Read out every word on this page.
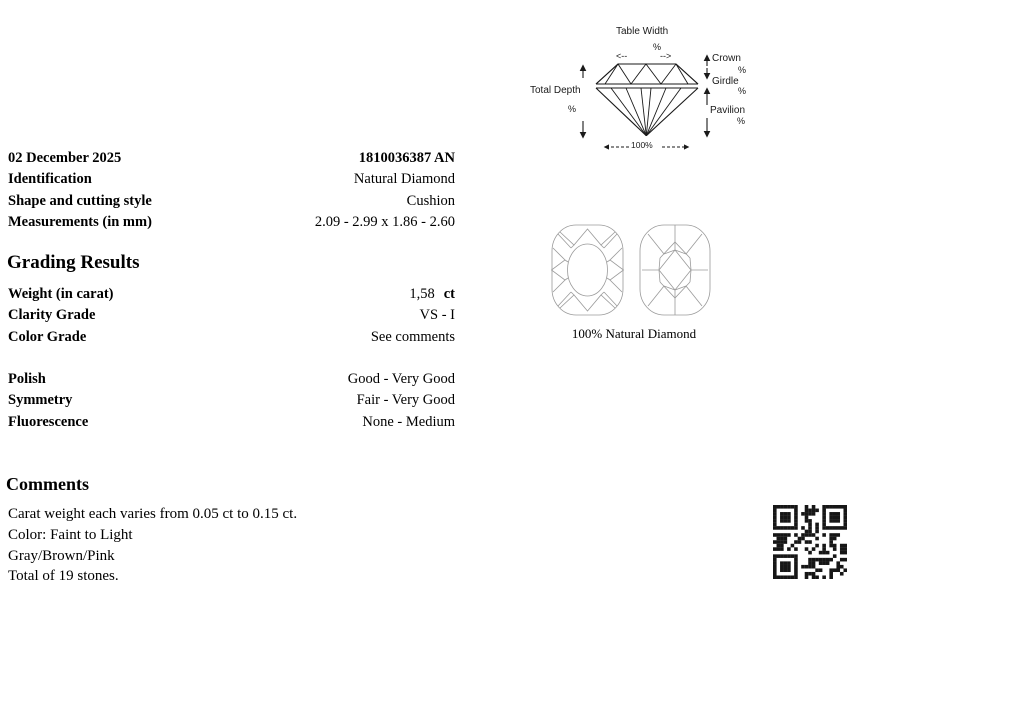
Table Width
%
<--	-->
Total Depth
%
Crown
%
Girdle
%
Pavilion
%
100%
02 December 2025	1810036387 AN
Identification	Natural Diamond
Shape and cutting style	Cushion
Measurements (in mm)	2.09 - 2.99 x 1.86 - 2.60
Grading Results
Weight (in carat)	1,58 ct
Clarity Grade	VS - I
Color Grade	See comments
Polish	Good - Very Good
Symmetry	Fair - Very Good
Fluorescence	None - Medium
Comments
Carat weight each varies from 0.05 ct to 0.15 ct.
Color: Faint to Light
Gray/Brown/Pink
Total of 19 stones.
100% Natural Diamond
